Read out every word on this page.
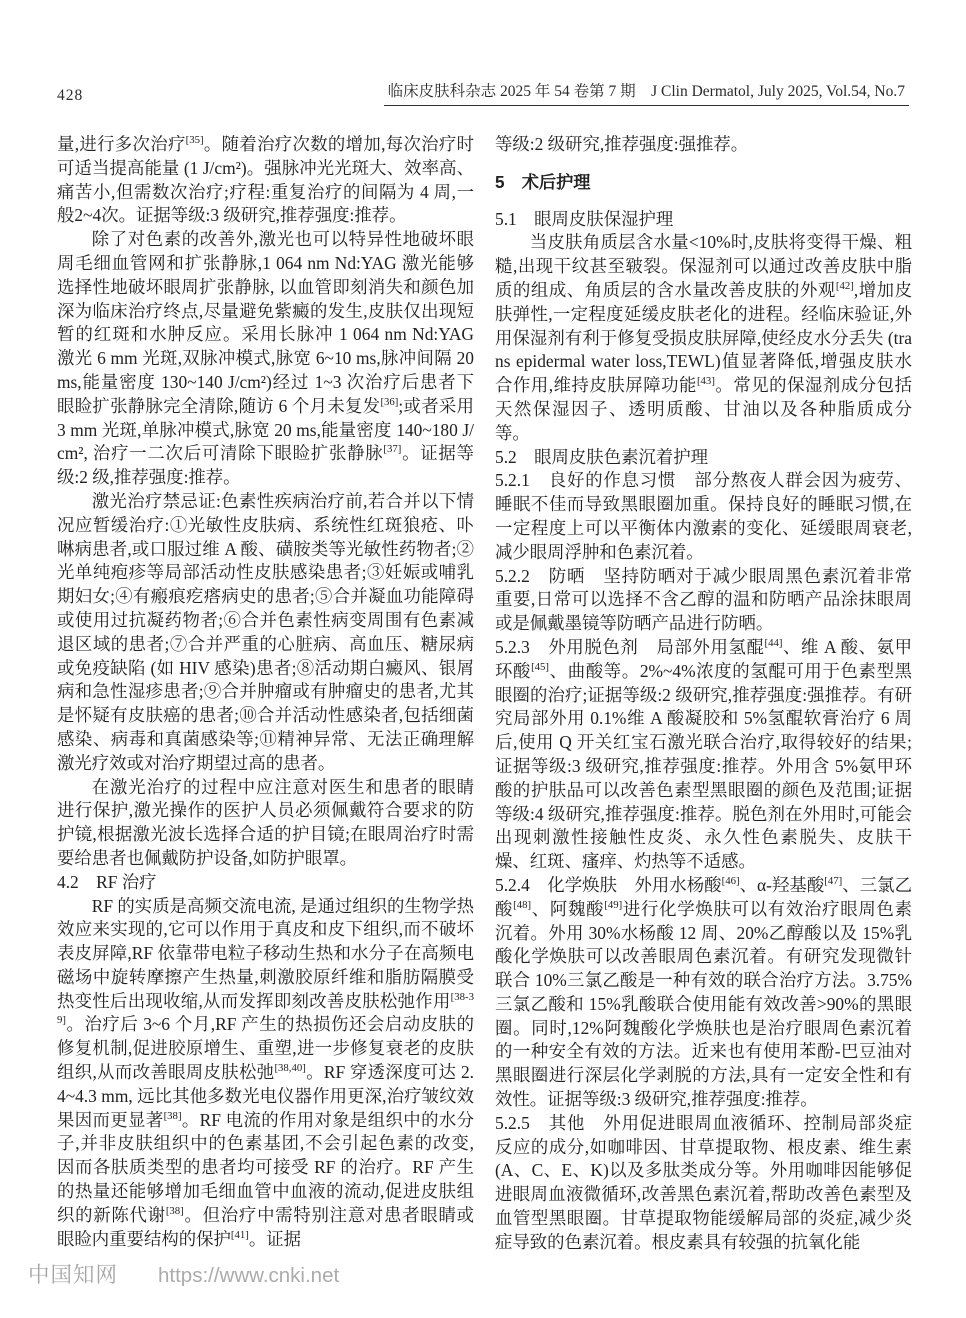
428	临床皮肤科杂志 2025 年 54 卷第 7 期　J Clin Dermatol, July 2025, Vol.54, No.7
量,进行多次治疗[35]。随着治疗次数的增加,每次治疗时可适当提高能量 (1 J/cm²)。强脉冲光光斑大、效率高、痛苦小,但需数次治疗;疗程:重复治疗的间隔为 4 周,一般2~4次。证据等级:3 级研究,推荐强度:推荐。
除了对色素的改善外,激光也可以特异性地破坏眼周毛细血管网和扩张静脉,1 064 nm Nd:YAG 激光能够选择性地破坏眼周扩张静脉, 以血管即刻消失和颜色加深为临床治疗终点,尽量避免紫癜的发生,皮肤仅出现短暂的红斑和水肿反应。采用长脉冲 1 064 nm Nd:YAG 激光 6 mm 光斑,双脉冲模式,脉宽 6~10 ms,脉冲间隔 20 ms,能量密度 130~140 J/cm²)经过 1~3 次治疗后患者下眼睑扩张静脉完全清除,随访 6 个月未复发[36];或者采用 3 mm 光斑,单脉冲模式,脉宽 20 ms,能量密度 140~180 J/cm², 治疗一二次后可清除下眼睑扩张静脉[37]。证据等级:2 级,推荐强度:推荐。
激光治疗禁忌证:色素性疾病治疗前,若合并以下情况应暂缓治疗:①光敏性皮肤病、系统性红斑狼疮、卟啉病患者,或口服过维 A 酸、磺胺类等光敏性药物者;②光单纯疱疹等局部活动性皮肤感染患者;③妊娠或哺乳期妇女;④有瘢痕疙瘩病史的患者;⑤合并凝血功能障碍或使用过抗凝药物者;⑥合并色素性病变周围有色素减退区域的患者;⑦合并严重的心脏病、高血压、糖尿病或免疫缺陷 (如 HIV 感染)患者;⑧活动期白癜风、银屑病和急性湿疹患者;⑨合并肿瘤或有肿瘤史的患者,尤其是怀疑有皮肤癌的患者;⑩合并活动性感染者,包括细菌感染、病毒和真菌感染等;⑪精神异常、无法正确理解激光疗效或对治疗期望过高的患者。
在激光治疗的过程中应注意对医生和患者的眼睛进行保护,激光操作的医护人员必须佩戴符合要求的防护镜,根据激光波长选择合适的护目镜;在眼周治疗时需要给患者也佩戴防护设备,如防护眼罩。
4.2　RF 治疗
RF 的实质是高频交流电流, 是通过组织的生物学热效应来实现的,它可以作用于真皮和皮下组织,而不破坏表皮屏障,RF 依靠带电粒子移动生热和水分子在高频电磁场中旋转摩擦产生热量,刺激胶原纤维和脂肪隔膜受热变性后出现收缩,从而发挥即刻改善皮肤松弛作用[38-39]。治疗后 3~6 个月,RF 产生的热损伤还会启动皮肤的修复机制,促进胶原增生、重塑,进一步修复衰老的皮肤组织,从而改善眼周皮肤松弛[38,40]。RF 穿透深度可达 2.4~4.3 mm, 远比其他多数光电仪器作用更深,治疗皱纹效果因而更显著[38]。RF 电流的作用对象是组织中的水分子,并非皮肤组织中的色素基团,不会引起色素的改变, 因而各肤质类型的患者均可接受 RF 的治疗。RF 产生的热量还能够增加毛细血管中血液的流动,促进皮肤组织的新陈代谢[38]。但治疗中需特别注意对患者眼睛或眼睑内重要结构的保护[41]。证据
等级:2 级研究,推荐强度:强推荐。
5　术后护理
5.1　眼周皮肤保湿护理
当皮肤角质层含水量<10%时,皮肤将变得干燥、粗糙,出现干纹甚至皲裂。保湿剂可以通过改善皮肤中脂质的组成、角质层的含水量改善皮肤的外观[42],增加皮肤弹性,一定程度延缓皮肤老化的进程。经临床验证,外用保湿剂有利于修复受损皮肤屏障,使经皮水分丢失 (trans epidermal water loss,TEWL)值显著降低,增强皮肤水合作用,维持皮肤屏障功能[43]。常见的保湿剂成分包括天然保湿因子、透明质酸、甘油以及各种脂质成分等。
5.2　眼周皮肤色素沉着护理
5.2.1　良好的作息习惯　部分熬夜人群会因为疲劳、睡眠不佳而导致黑眼圈加重。保持良好的睡眠习惯,在一定程度上可以平衡体内激素的变化、延缓眼周衰老,减少眼周浮肿和色素沉着。
5.2.2　防晒　坚持防晒对于减少眼周黑色素沉着非常重要,日常可以选择不含乙醇的温和防晒产品涂抹眼周或是佩戴墨镜等防晒产品进行防晒。
5.2.3　外用脱色剂　局部外用氢醌[44]、维 A 酸、氨甲环酸[45]、曲酸等。2%~4%浓度的氢醌可用于色素型黑眼圈的治疗;证据等级:2 级研究,推荐强度:强推荐。有研究局部外用 0.1%维 A 酸凝胶和 5%氢醌软膏治疗 6 周后,使用 Q 开关红宝石激光联合治疗,取得较好的结果;证据等级:3 级研究,推荐强度:推荐。外用含 5%氨甲环酸的护肤品可以改善色素型黑眼圈的颜色及范围;证据等级:4 级研究,推荐强度:推荐。脱色剂在外用时,可能会出现刺激性接触性皮炎、永久性色素脱失、皮肤干燥、红斑、瘙痒、灼热等不适感。
5.2.4　化学焕肤　外用水杨酸[46]、α-羟基酸[47]、三氯乙酸[48]、阿魏酸[49]进行化学焕肤可以有效治疗眼周色素沉着。外用 30%水杨酸 12 周、20%乙醇酸以及 15%乳酸化学焕肤可以改善眼周色素沉着。有研究发现微针联合 10%三氯乙酸是一种有效的联合治疗方法。3.75%三氯乙酸和 15%乳酸联合使用能有效改善>90%的黑眼圈。同时,12%阿魏酸化学焕肤也是治疗眼周色素沉着的一种安全有效的方法。近来也有使用苯酚-巴豆油对黑眼圈进行深层化学剥脱的方法,具有一定安全性和有效性。证据等级:3 级研究,推荐强度:推荐。
5.2.5　其他　外用促进眼周血液循环、控制局部炎症反应的成分,如咖啡因、甘草提取物、根皮素、维生素 (A、C、E、K)以及多肽类成分等。外用咖啡因能够促进眼周血液微循环,改善黑色素沉着,帮助改善色素型及血管型黑眼圈。甘草提取物能缓解局部的炎症,减少炎症导致的色素沉着。根皮素具有较强的抗氧化能
中国知网 https://www.cnki.net
